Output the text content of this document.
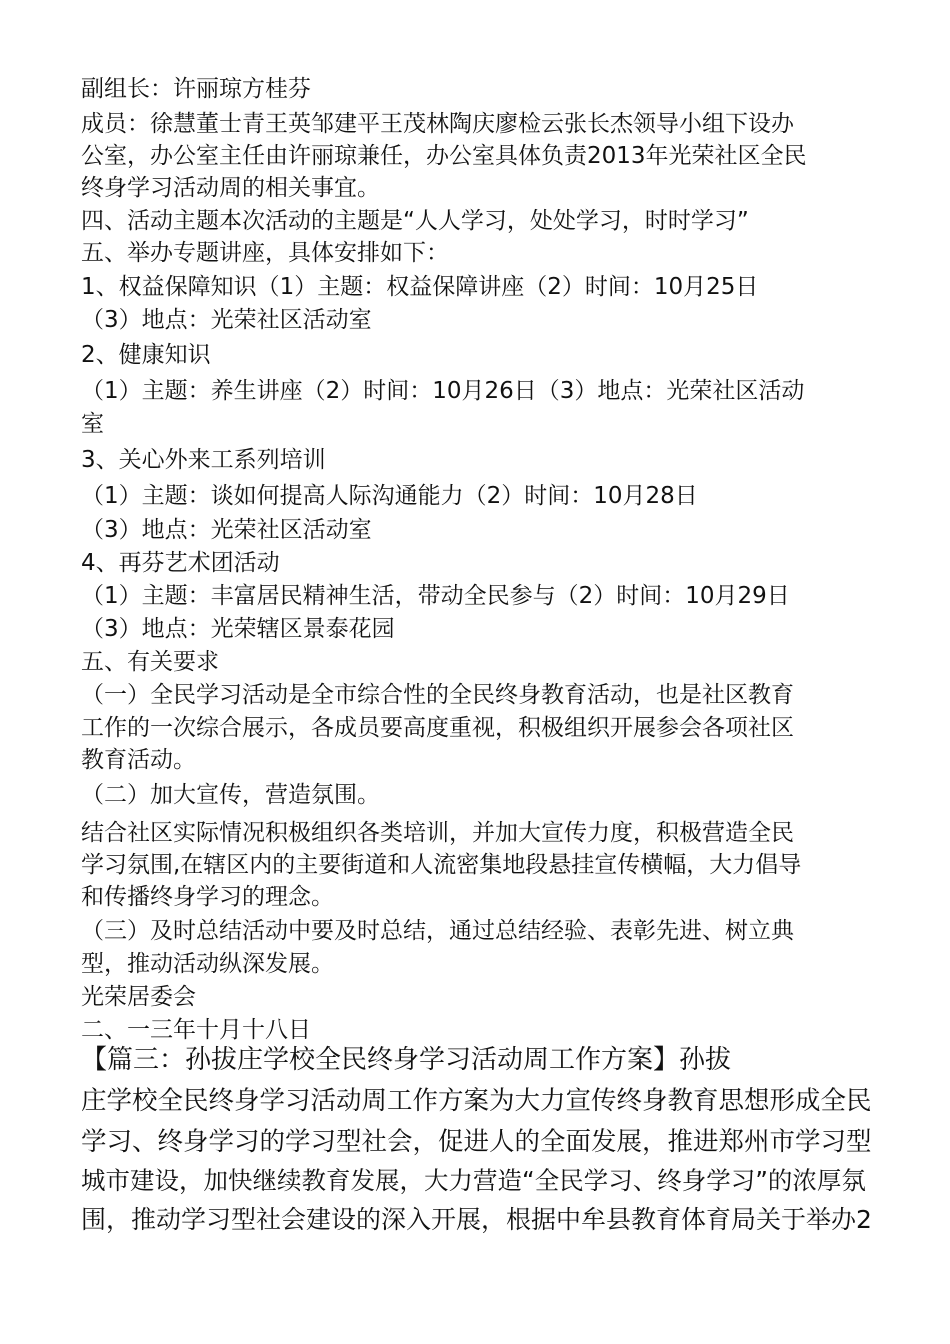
副组长：许丽琼方桂芬
成员：徐慧董士青王英邹建平王茂林陶庆廖检云张长杰领导小组下设办
公室，办公室主任由许丽琼兼任，办公室具体负责2013年光荣社区全民
终身学习活动周的相关事宜。
四、活动主题本次活动的主题是“人人学习，处处学习，时时学习”
五、举办专题讲座，具体安排如下：
1、权益保障知识（1）主题：权益保障讲座（2）时间：10月25日
（3）地点：光荣社区活动室
2、健康知识
（1）主题：养生讲座（2）时间：10月26日（3）地点：光荣社区活动
室
3、关心外来工系列培训
（1）主题：谈如何提高人际沟通能力（2）时间：10月28日
（3）地点：光荣社区活动室
4、再芬艺术团活动
（1）主题：丰富居民精神生活，带动全民参与（2）时间：10月29日
（3）地点：光荣辖区景泰花园
五、有关要求
（一）全民学习活动是全市综合性的全民终身教育活动，也是社区教育
工作的一次综合展示，各成员要高度重视，积极组织开展参会各项社区
教育活动。
（二）加大宣传，营造氛围。
结合社区实际情况积极组织各类培训，并加大宣传力度，积极营造全民
学习氛围,在辖区内的主要街道和人流密集地段悬挂宣传横幅，大力倡导
和传播终身学习的理念。
（三）及时总结活动中要及时总结，通过总结经验、表彰先进、树立典
型，推动活动纵深发展。
光荣居委会
二、一三年十月十八日
【篇三：孙拔庄学校全民终身学习活动周工作方案】孙拔
庄学校全民终身学习活动周工作方案为大力宣传终身教育思想形成全民
学习、终身学习的学习型社会，促进人的全面发展，推进郑州市学习型
城市建设，加快继续教育发展，大力营造“全民学习、终身学习”的浓厚氛
围，推动学习型社会建设的深入开展，根据中牟县教育体育局关于举办2
